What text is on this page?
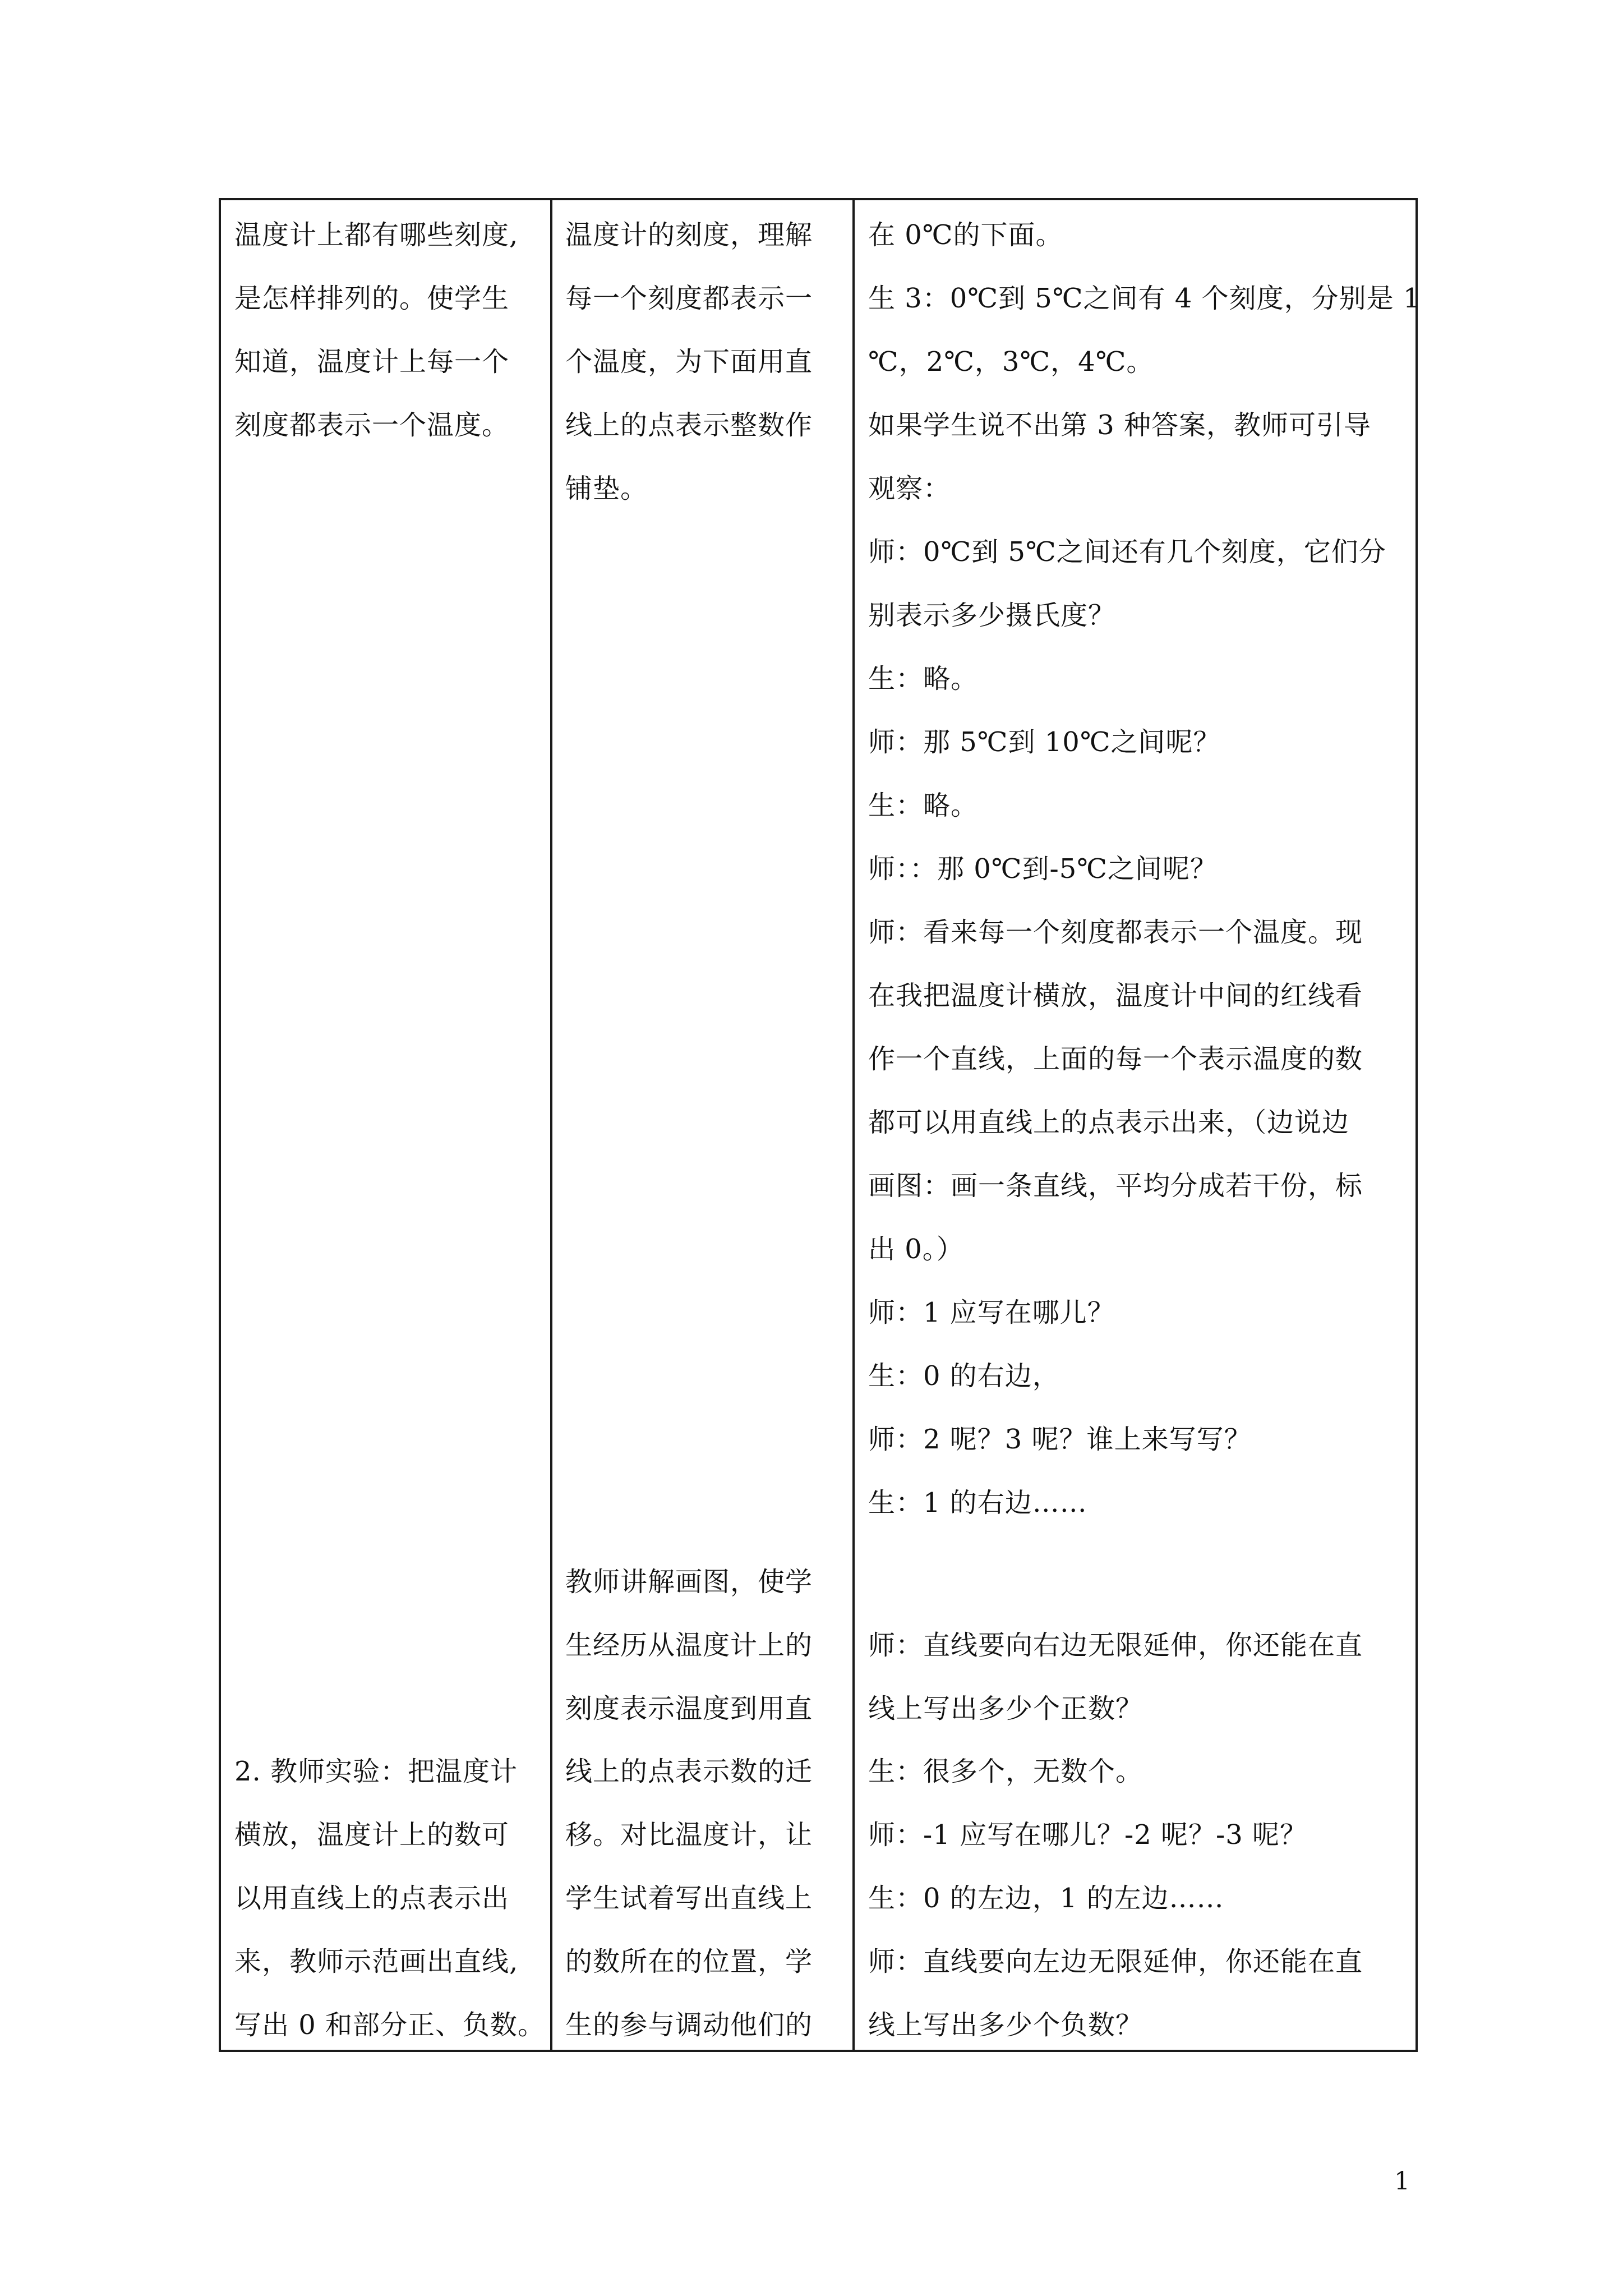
温度计上都有哪些刻度,
是怎样排列的。使学生
知道，温度计上每一个
刻度都表示一个温度。
2. 教师实验：把温度计
横放，温度计上的数可
以用直线上的点表示出
来，教师示范画出直线,
写出 0 和部分正、负数。
温度计的刻度，理解
每一个刻度都表示一
个温度，为下面用直
线上的点表示整数作
铺垫。
教师讲解画图，使学
生经历从温度计上的
刻度表示温度到用直
线上的点表示数的迁
移。对比温度计，让
学生试着写出直线上
的数所在的位置，学
生的参与调动他们的
在 0℃的下面。
生 3：0℃到 5℃之间有 4 个刻度，分别是 1
℃，2℃，3℃，4℃。
如果学生说不出第 3 种答案，教师可引导
观察：
师：0℃到 5℃之间还有几个刻度，它们分
别表示多少摄氏度？
生：略。
师：那 5℃到 10℃之间呢？
生：略。
师：：那 0℃到-5℃之间呢？
师：看来每一个刻度都表示一个温度。现
在我把温度计横放，温度计中间的红线看
作一个直线，上面的每一个表示温度的数
都可以用直线上的点表示出来，（边说边
画图：画一条直线，平均分成若干份，标
出 0。）
师：1 应写在哪儿？
生：0 的右边，
师：2 呢？3 呢？谁上来写写？
生：1 的右边……
师：直线要向右边无限延伸，你还能在直
线上写出多少个正数？
生：很多个，无数个。
师：-1 应写在哪儿？-2 呢？-3 呢？
生：0 的左边，1 的左边……
师：直线要向左边无限延伸，你还能在直
线上写出多少个负数？
1
